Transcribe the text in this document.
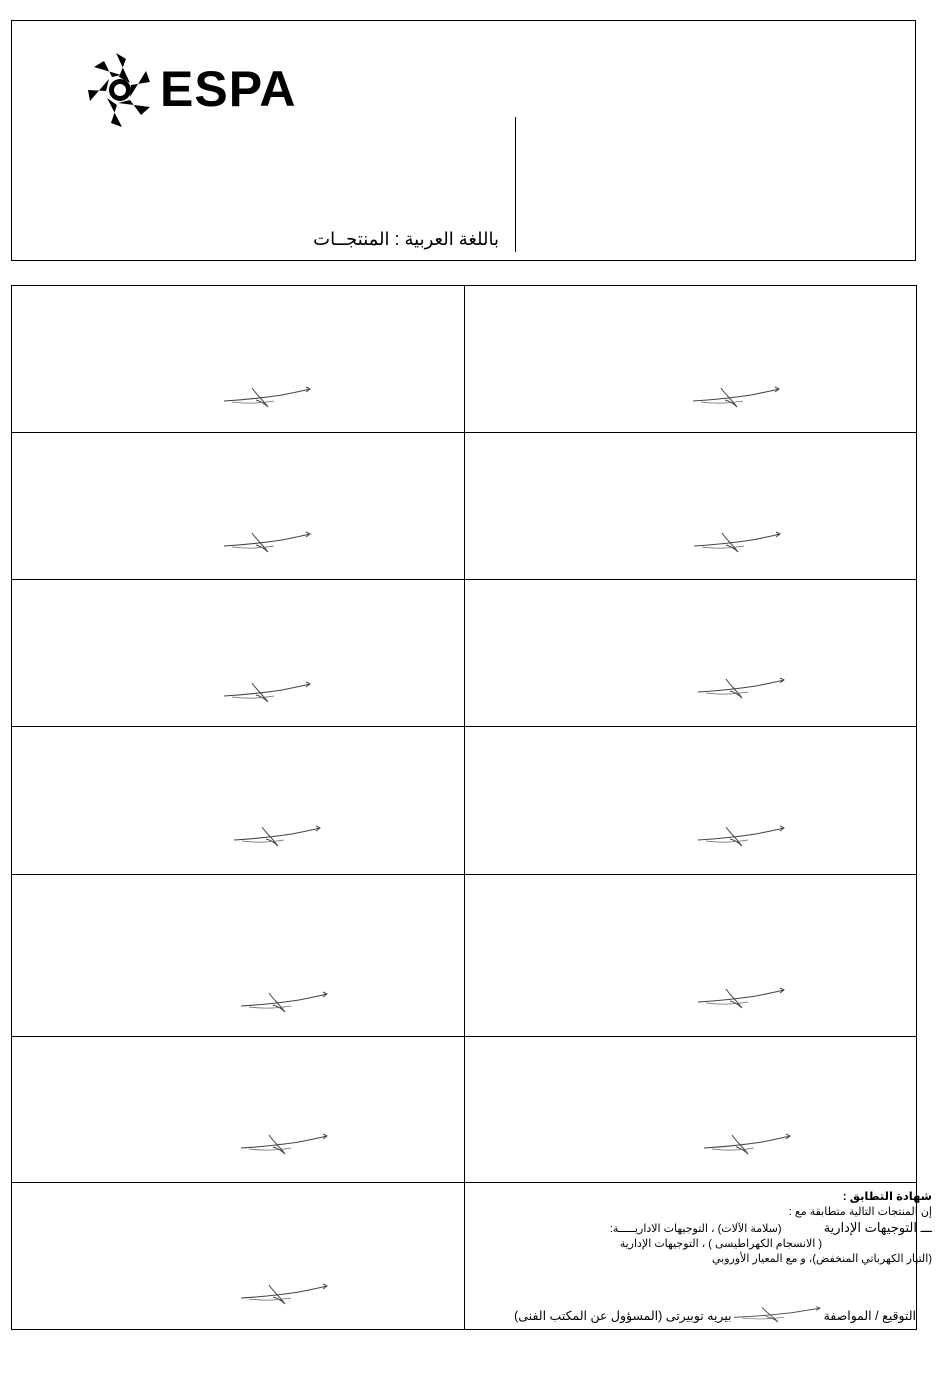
ESPA
باللغة العربية : المنتجــات
شهادة التطابق :
إن المنتجات التالية متطابقة مع :
ـــ التوجيهات الإدارية  (سلامة الآلات) ، التوجيهات الاداريـــــة:
( الانسجام الكهراطيسى ) ، التوجيهات الإدارية
(التيار الكهرباتي المنخفض)، و مع المعيار الأوروبي
التوقيع / المواصفة
بيريه توبيرتى (المسؤول عن المكتب الفنى)
